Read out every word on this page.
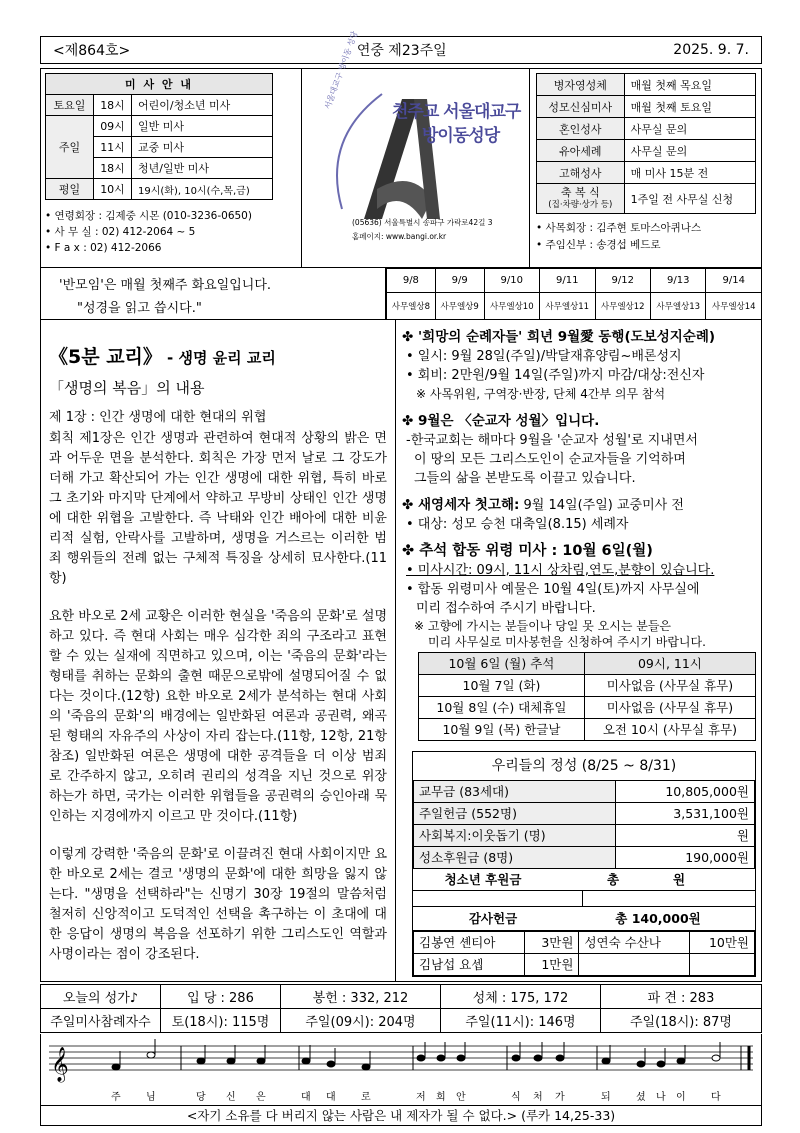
<제864호>	연중 제23주일	2025. 9. 7.
미 사 안 내		
토요일	18시	어린이/청소년 미사
주일	09시	일반 미사
	11시	교중 미사
	18시	청년/일반 미사
평일	10시	19시(화), 10시(수,목,금)
• 연령회장 : 김제중 시몬 (010-3236-0650)
• 사 무 실 : 02) 412-2064 ~ 5
• F a x : 02) 412-2066
서울대교구 방이동 성당
천주교 서울대교구
방이동성당
(05636) 서울특별시 송파구 가락로42길 3
홈페이지: www.bangi.or.kr
병자영성체	매월 첫째 목요일
성모신심미사	매월 첫째 토요일
혼인성사	사무실 문의
유아세례	사무실 문의
고해성사	매 미사 15분 전

축 복 식
(집·차량·상가 등)	1주일 전 사무실 신청
• 사목회장 : 김주현 토마스아퀴나스
• 주임신부 : 송경섭 베드로
'반모임'은 매월 첫째주 화요일입니다.
"성경을 읽고 씁시다."
9/8	9/9	9/10	9/11	9/12	9/13	9/14
사무엘상8	사무엘상9	사무엘상10	사무엘상11	사무엘상12	사무엘상13	사무엘상14
《5분 교리》 - 생명 윤리 교리
「생명의 복음」의 내용
제 1장 : 인간 생명에 대한 현대의 위협

회칙 제1장은 인간 생명과 관련하여 현대적 상황의 밝은 면과 어두운 면을 분석한다. 회칙은 가장 먼저 날로 그 강도가 더해 가고 확산되어 가는 인간 생명에 대한 위협, 특히 바로 그 초기와 마지막 단계에서 약하고 무방비 상태인 인간 생명에 대한 위협을 고발한다. 즉 낙태와 인간 배아에 대한 비윤리적 실험, 안락사를 고발하며, 생명을 거스르는 이러한 범죄 행위들의 전례 없는 구체적 특징을 상세히 묘사한다.(11항)

요한 바오로 2세 교황은 이러한 현실을 '죽음의 문화'로 설명하고 있다. 즉 현대 사회는 매우 심각한 죄의 구조라고 표현할 수 있는 실재에 직면하고 있으며, 이는 '죽음의 문화'라는 형태를 취하는 문화의 출현 때문으로밖에 설명되어질 수 없다는 것이다.(12항) 요한 바오로 2세가 분석하는 현대 사회의 '죽음의 문화'의 배경에는 일반화된 여론과 공권력, 왜곡된 형태의 자유주의 사상이 자리 잡는다.(11항, 12항, 21항 참조) 일반화된 여론은 생명에 대한 공격들을 더 이상 범죄로 간주하지 않고, 오히려 권리의 성격을 지닌 것으로 위장하는가 하면, 국가는 이러한 위협들을 공권력의 승인아래 묵인하는 지경에까지 이르고 만 것이다.(11항)

이렇게 강력한 '죽음의 문화'로 이끌려진 현대 사회이지만 요한 바오로 2세는 결코 '생명의 문화'에 대한 희망을 잃지 않는다. "생명을 선택하라"는 신명기 30장 19절의 말씀처럼 철저히 신앙적이고 도덕적인 선택을 촉구하는 이 초대에 대한 응답이 생명의 복음을 선포하기 위한 그리스도인 역할과 사명이라는 점이 강조된다.

✤ '희망의 순례자들' 희년 9월愛 동행(도보성지순례)
• 일시: 9월 28일(주일)/박달재휴양림~배론성지
• 회비: 2만원/9월 14일(주일)까지 마감/대상:전신자
※ 사목위원, 구역장·반장, 단체 4간부 의무 참석
✤ 9월은 〈순교자 성월〉입니다.
-한국교회는 해마다 9월을 '순교자 성월'로 지내면서
이 땅의 모든 그리스도인이 순교자들을 기억하며
그들의 삶을 본받도록 이끌고 있습니다.
✤ 새영세자 첫고해: 9월 14일(주일) 교중미사 전
• 대상: 성모 승천 대축일(8.15) 세례자
✤ 추석 합동 위령 미사 : 10월 6일(월)
• 미사시간: 09시, 11시 상차림,연도,분향이 있습니다.
• 합동 위령미사 예물은 10월 4일(토)까지 사무실에
미리 접수하여 주시기 바랍니다.
※ 고향에 가시는 분들이나 당일 못 오시는 분들은
미리 사무실로 미사봉헌을 신청하여 주시기 바랍니다.
10월 6일 (월) 추석	09시, 11시
10월 7일 (화)	미사없음 (사무실 휴무)
10월 8일 (수) 대체휴일	미사없음 (사무실 휴무)
10월 9일 (목) 한글날	오전 10시 (사무실 휴무)
우리들의 정성 (8/25 ~ 8/31)
교무금 (83세대)	10,805,000원
주일헌금 (552명)	3,531,100원
사회복지:이웃돕기 (명)	원
성소후원금 (8명)	190,000원
청소년 후원금	총	원
감사헌금	총 140,000원
김봉연 셴티아	3만원	성연숙 수산나	10만원
김남섭 요셉	1만원		
오늘의 성가♪	입 당 : 286	봉헌 : 332, 212	성체 : 175, 172	파 견 : 283
주일미사참례자수	토(18시): 115명	주일(09시): 204명	주일(11시): 146명	주일(18시): 87명
𝄞
주	님	당 신 은	대 대	로	저 희 안	식 처 가	되	셨 나 이	다
<자기 소유를 다 버리지 않는 사람은 내 제자가 될 수 없다.> (루카 14,25-33)
